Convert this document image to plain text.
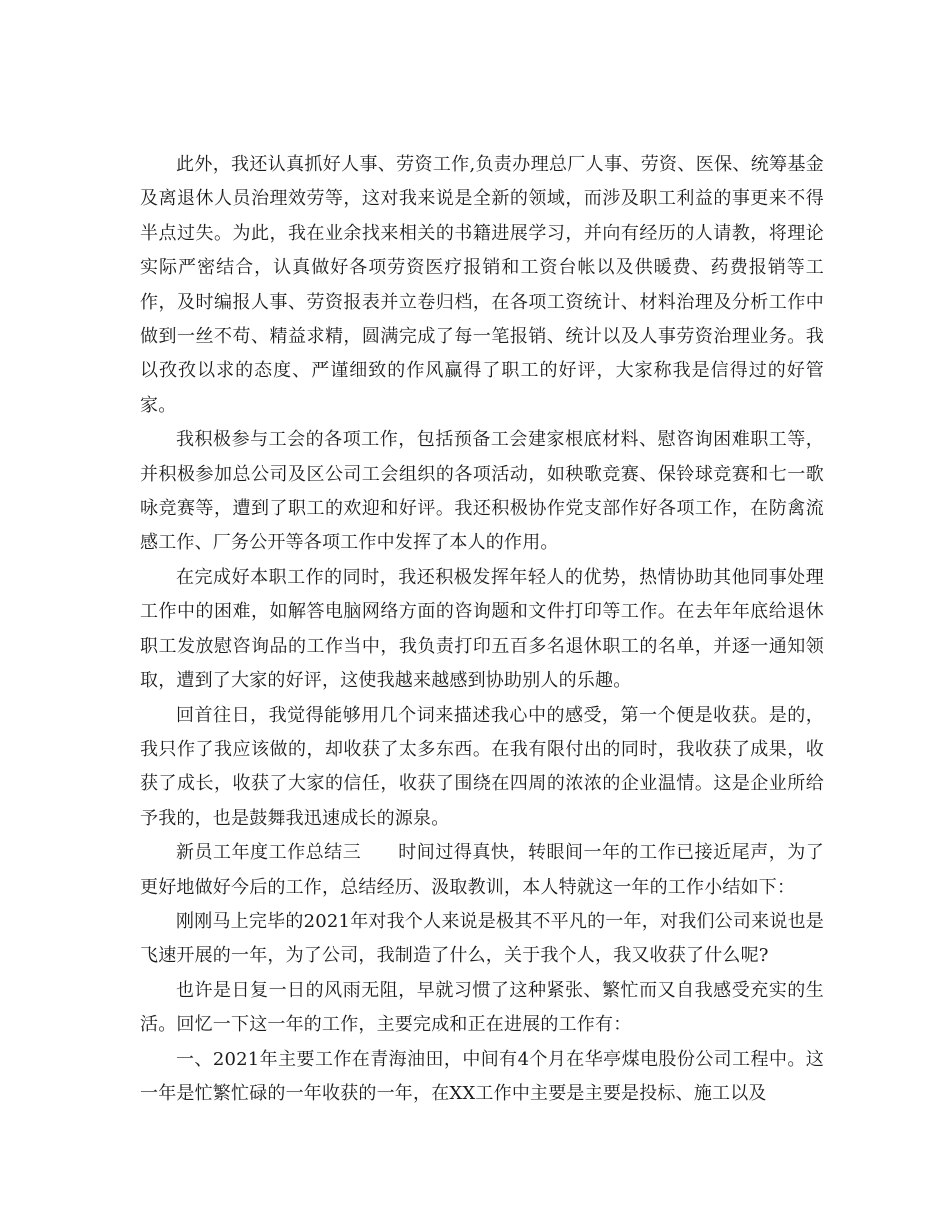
此外，我还认真抓好人事、劳资工作,负责办理总厂人事、劳资、医保、统筹基金及离退休人员治理效劳等，这对我来说是全新的领域，而涉及职工利益的事更来不得半点过失。为此，我在业余找来相关的书籍进展学习，并向有经历的人请教，将理论实际严密结合，认真做好各项劳资医疗报销和工资台帐以及供暖费、药费报销等工作，及时编报人事、劳资报表并立卷归档，在各项工资统计、材料治理及分析工作中做到一丝不苟、精益求精，圆满完成了每一笔报销、统计以及人事劳资治理业务。我以孜孜以求的态度、严谨细致的作风赢得了职工的好评，大家称我是信得过的好管家。

我积极参与工会的各项工作，包括预备工会建家根底材料、慰咨询困难职工等，并积极参加总公司及区公司工会组织的各项活动，如秧歌竞赛、保铃球竞赛和七一歌咏竞赛等，遭到了职工的欢迎和好评。我还积极协作党支部作好各项工作，在防禽流感工作、厂务公开等各项工作中发挥了本人的作用。

在完成好本职工作的同时，我还积极发挥年轻人的优势，热情协助其他同事处理工作中的困难，如解答电脑网络方面的咨询题和文件打印等工作。在去年年底给退休职工发放慰咨询品的工作当中，我负责打印五百多名退休职工的名单，并逐一通知领取，遭到了大家的好评，这使我越来越感到协助别人的乐趣。

回首往日，我觉得能够用几个词来描述我心中的感受，第一个便是收获。是的，我只作了我应该做的，却收获了太多东西。在我有限付出的同时，我收获了成果，收获了成长，收获了大家的信任，收获了围绕在四周的浓浓的企业温情。这是企业所给予我的，也是鼓舞我迅速成长的源泉。

新员工年度工作总结三　　时间过得真快，转眼间一年的工作已接近尾声，为了更好地做好今后的工作，总结经历、汲取教训，本人特就这一年的工作小结如下：

刚刚马上完毕的2021年对我个人来说是极其不平凡的一年，对我们公司来说也是飞速开展的一年，为了公司，我制造了什么，关于我个人，我又收获了什么呢?

也许是日复一日的风雨无阻，早就习惯了这种紧张、繁忙而又自我感受充实的生活。回忆一下这一年的工作，主要完成和正在进展的工作有：

一、2021年主要工作在青海油田，中间有4个月在华亭煤电股份公司工程中。这一年是忙繁忙碌的一年收获的一年，在XX工作中主要是主要是投标、施工以及
